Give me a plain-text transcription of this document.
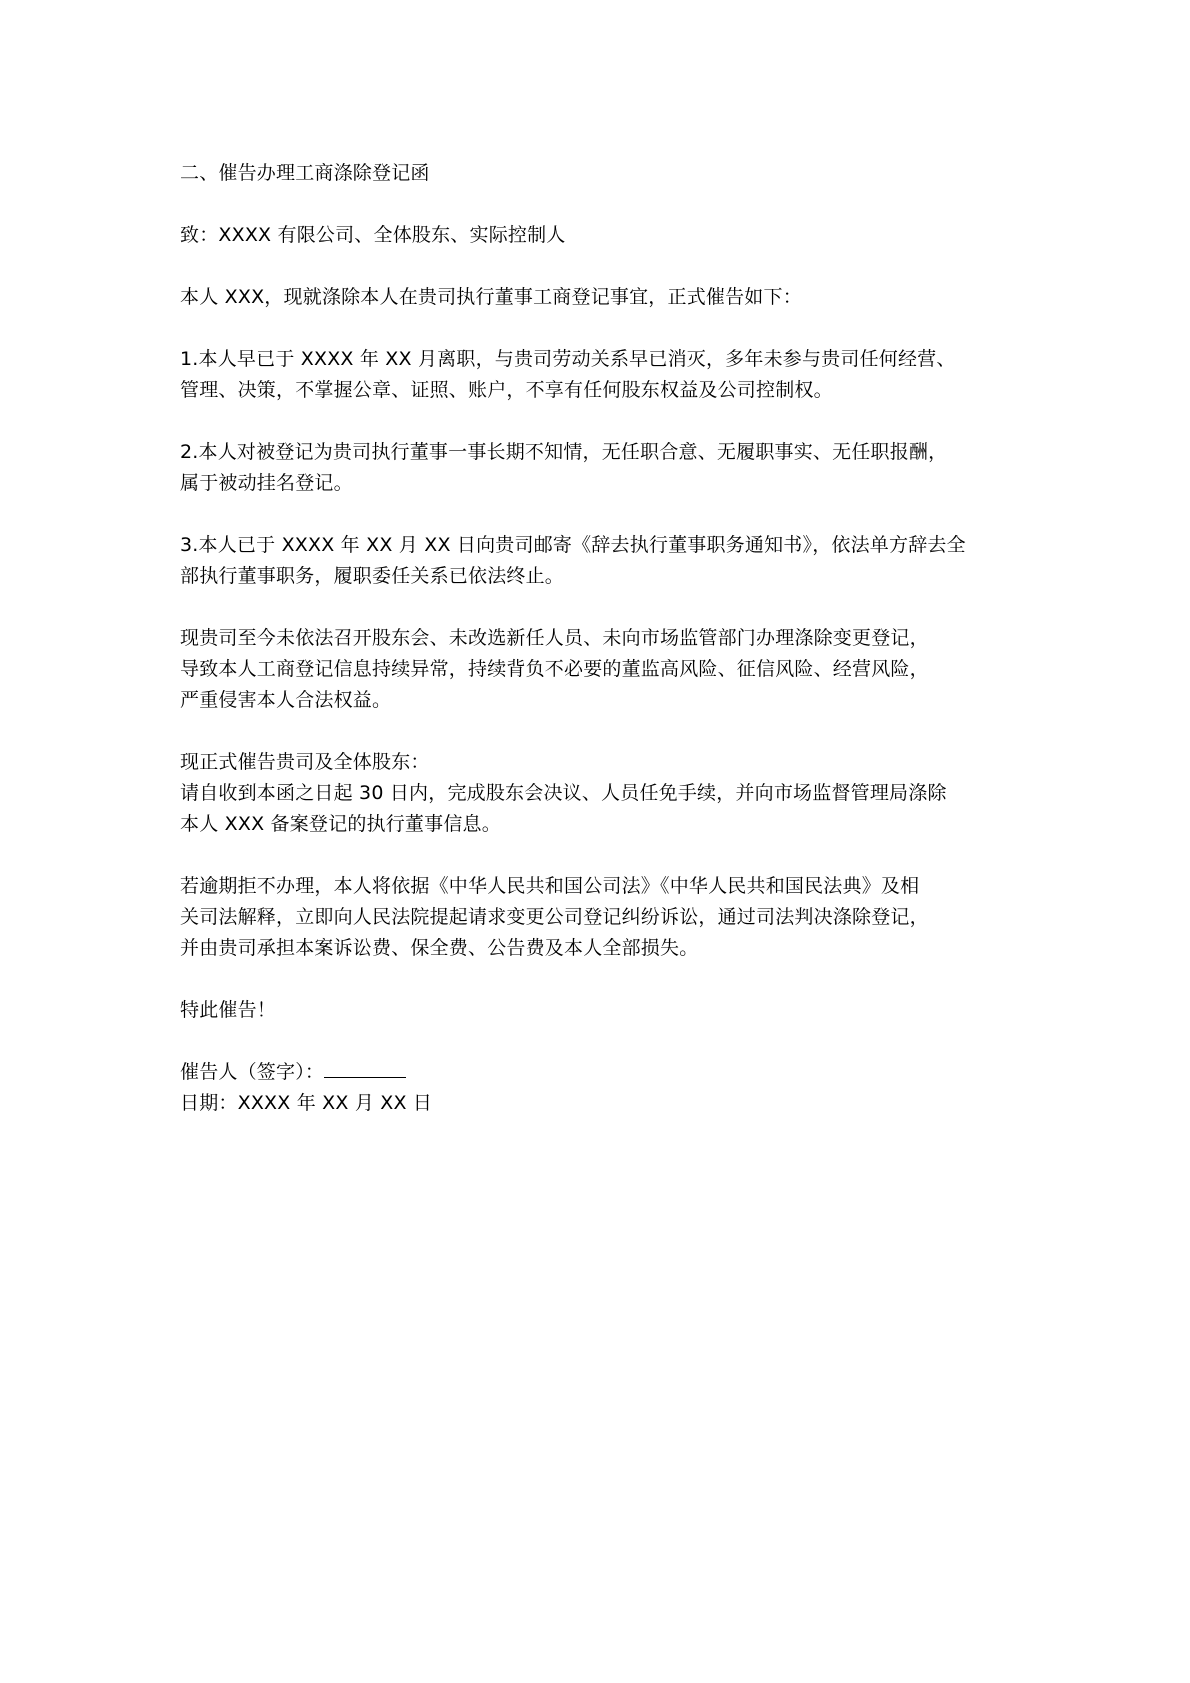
二、催告办理工商涤除登记函

致：XXXX 有限公司、全体股东、实际控制人

本人 XXX，现就涤除本人在贵司执行董事工商登记事宜，正式催告如下：

1.本人早已于 XXXX 年 XX 月离职，与贵司劳动关系早已消灭，多年未参与贵司任何经营、
管理、决策，不掌握公章、证照、账户，不享有任何股东权益及公司控制权。

2.本人对被登记为贵司执行董事一事长期不知情，无任职合意、无履职事实、无任职报酬，
属于被动挂名登记。

3.本人已于 XXXX 年 XX 月 XX 日向贵司邮寄《辞去执行董事职务通知书》，依法单方辞去全
部执行董事职务，履职委任关系已依法终止。

现贵司至今未依法召开股东会、未改选新任人员、未向市场监管部门办理涤除变更登记，
导致本人工商登记信息持续异常，持续背负不必要的董监高风险、征信风险、经营风险，
严重侵害本人合法权益。

现正式催告贵司及全体股东：
请自收到本函之日起 30 日内，完成股东会决议、人员任免手续，并向市场监督管理局涤除
本人 XXX 备案登记的执行董事信息。

若逾期拒不办理，本人将依据《中华人民共和国公司法》《中华人民共和国民法典》及相
关司法解释，立即向人民法院提起请求变更公司登记纠纷诉讼，通过司法判决涤除登记，
并由贵司承担本案诉讼费、保全费、公告费及本人全部损失。

特此催告！

催告人（签字）：
日期：XXXX 年 XX 月 XX 日
